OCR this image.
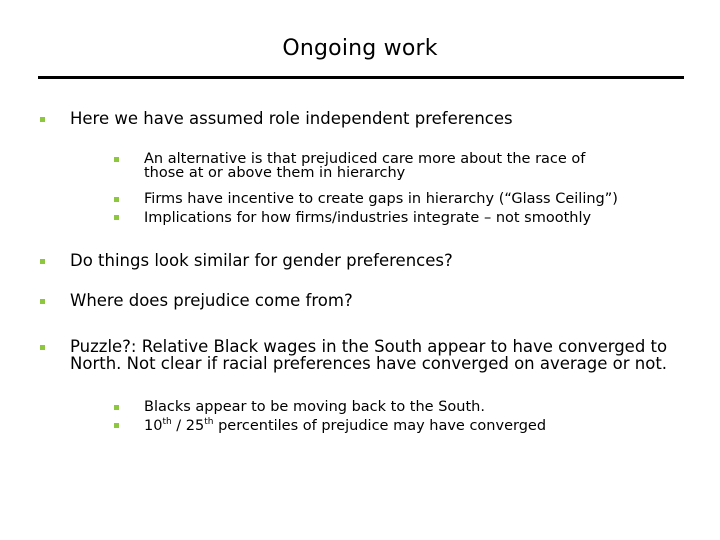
Ongoing work
Here we have assumed role independent preferences
An alternative is that prejudiced care more about the race of those at or above them in hierarchy
Firms have incentive to create gaps in hierarchy (“Glass Ceiling”)
Implications for how firms/industries integrate – not smoothly
Do things look similar for gender preferences?
Where does prejudice come from?
Puzzle?: Relative Black wages in the South appear to have converged to North. Not clear if racial preferences have converged on average or not.
Blacks appear to be moving back to the South.
10th / 25th percentiles of prejudice may have converged
